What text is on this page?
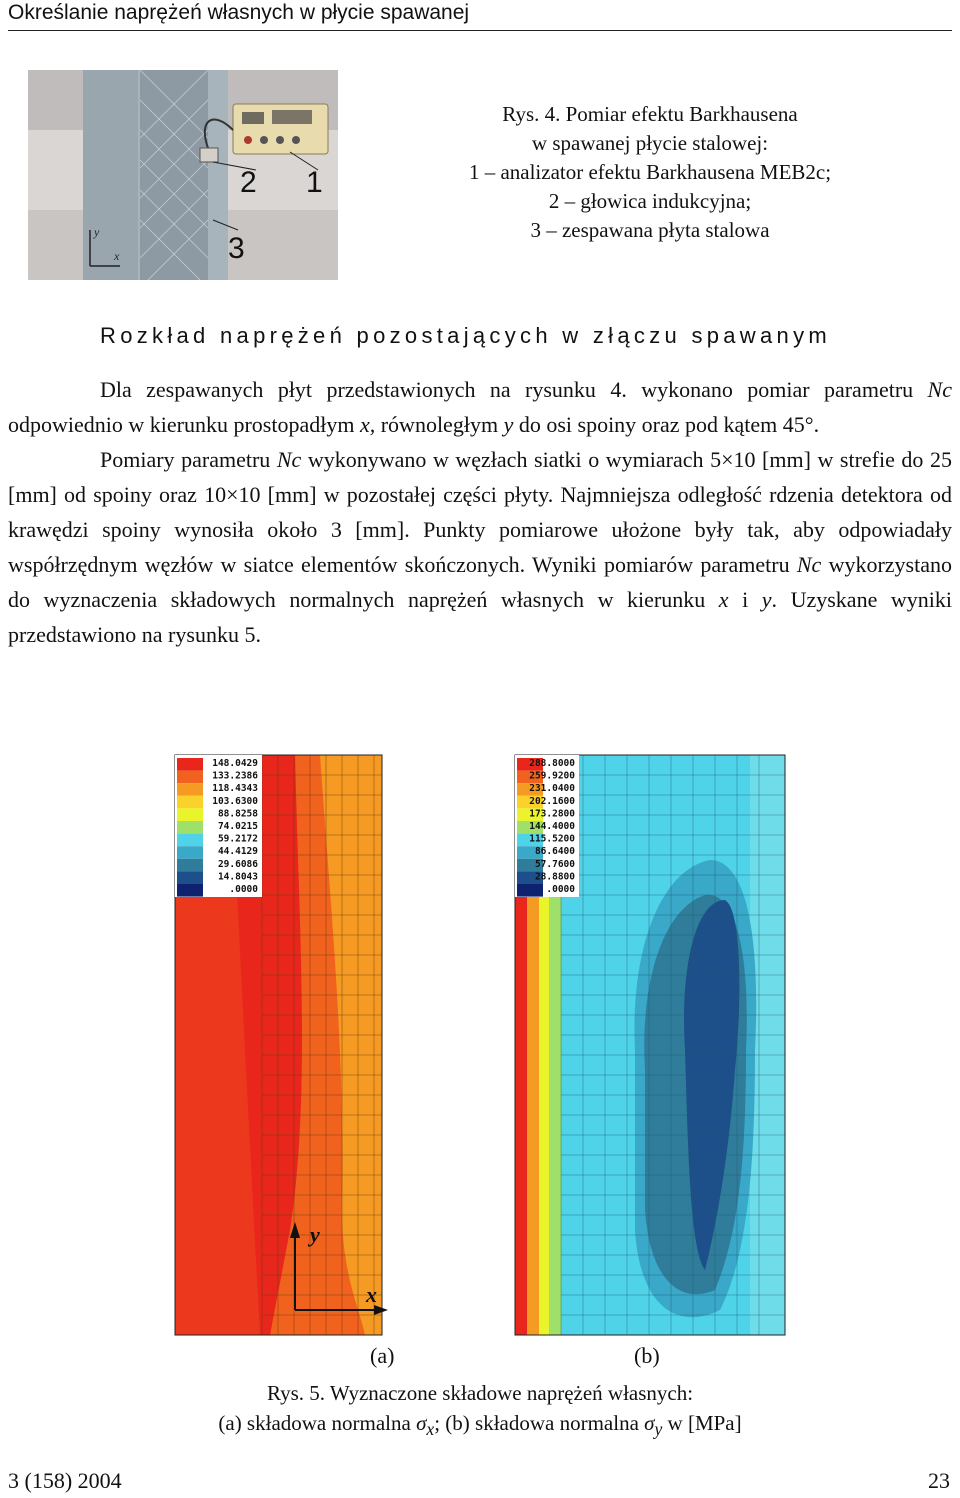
Określanie naprężeń własnych w płycie spawanej
2 1
3
y
x
Rys. 4. Pomiar efektu Barkhausena
w spawanej płycie stalowej:
1 – analizator efektu Barkhausena MEB2c;
2 – głowica indukcyjna;
3 – zespawana płyta stalowa
Rozkład naprężeń pozostających w złączu spawanym

Dla zespawanych płyt przedstawionych na rysunku 4. wykonano pomiar parametru Nc odpowiednio w kierunku prostopadłym x, równoległym y do osi spoiny oraz pod kątem 45°.

Pomiary parametru Nc wykonywano w węzłach siatki o wymiarach 5×10 [mm] w strefie do 25 [mm] od spoiny oraz 10×10 [mm] w pozostałej części płyty. Najmniejsza odległość rdzenia detektora od krawędzi spoiny wynosiła około 3 [mm]. Punkty pomiarowe ułożone były tak, aby odpowiadały współrzędnym węzłów w siatce elementów skończonych. Wyniki pomiarów parametru Nc wykorzystano do wyznaczenia składowych normalnych naprężeń własnych w kierunku x i y. Uzyskane wyniki przedstawiono na rysunku 5.

148.0429
133.2386
118.4343
103.6300
88.8258
74.0215
59.2172
44.4129
29.6086
14.8043
.0000
y
x
288.8000
259.9200
231.0400
202.1600
173.2800
144.4000
115.5200
86.6400
57.7600
28.8800
.0000
(a)	(b)
Rys. 5. Wyznaczone składowe naprężeń własnych:
(a) składowa normalna $\sigma_x$; (b) składowa normalna $\sigma_y$ w [MPa]
3 (158) 2004	23
